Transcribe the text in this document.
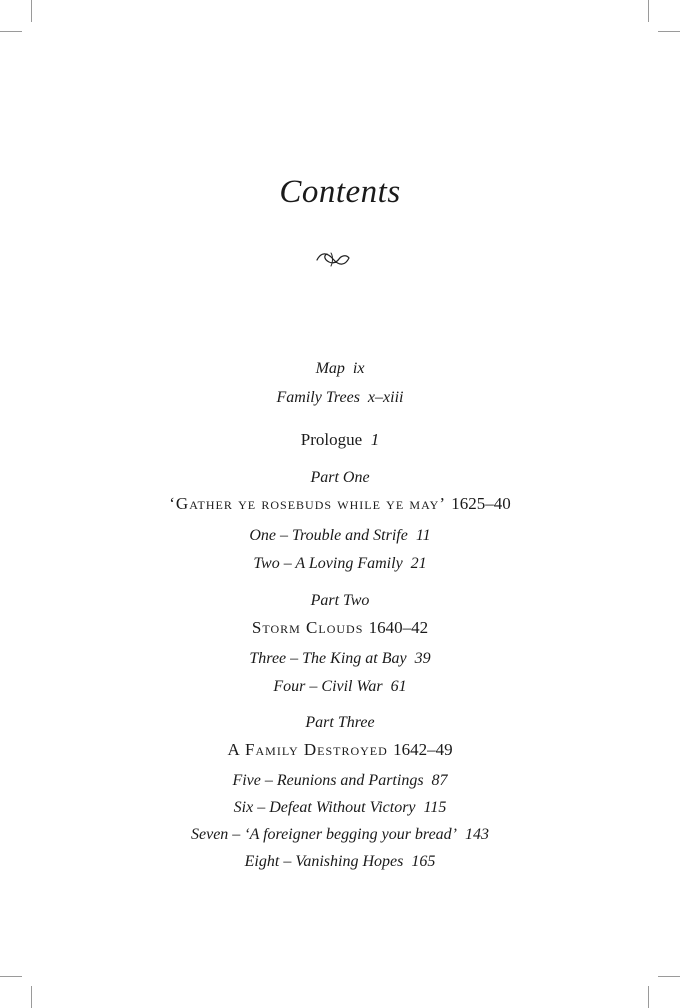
Contents
Map ix
Family Trees x–xiii
Prologue 1
Part One
‘Gather ye rosebuds while ye may’ 1625–40
One – Trouble and Strife 11
Two – A Loving Family 21
Part Two
Storm Clouds 1640–42
Three – The King at Bay 39
Four – Civil War 61
Part Three
A Family Destroyed 1642–49
Five – Reunions and Partings 87
Six – Defeat Without Victory 115
Seven – ‘A foreigner begging your bread’ 143
Eight – Vanishing Hopes 165
